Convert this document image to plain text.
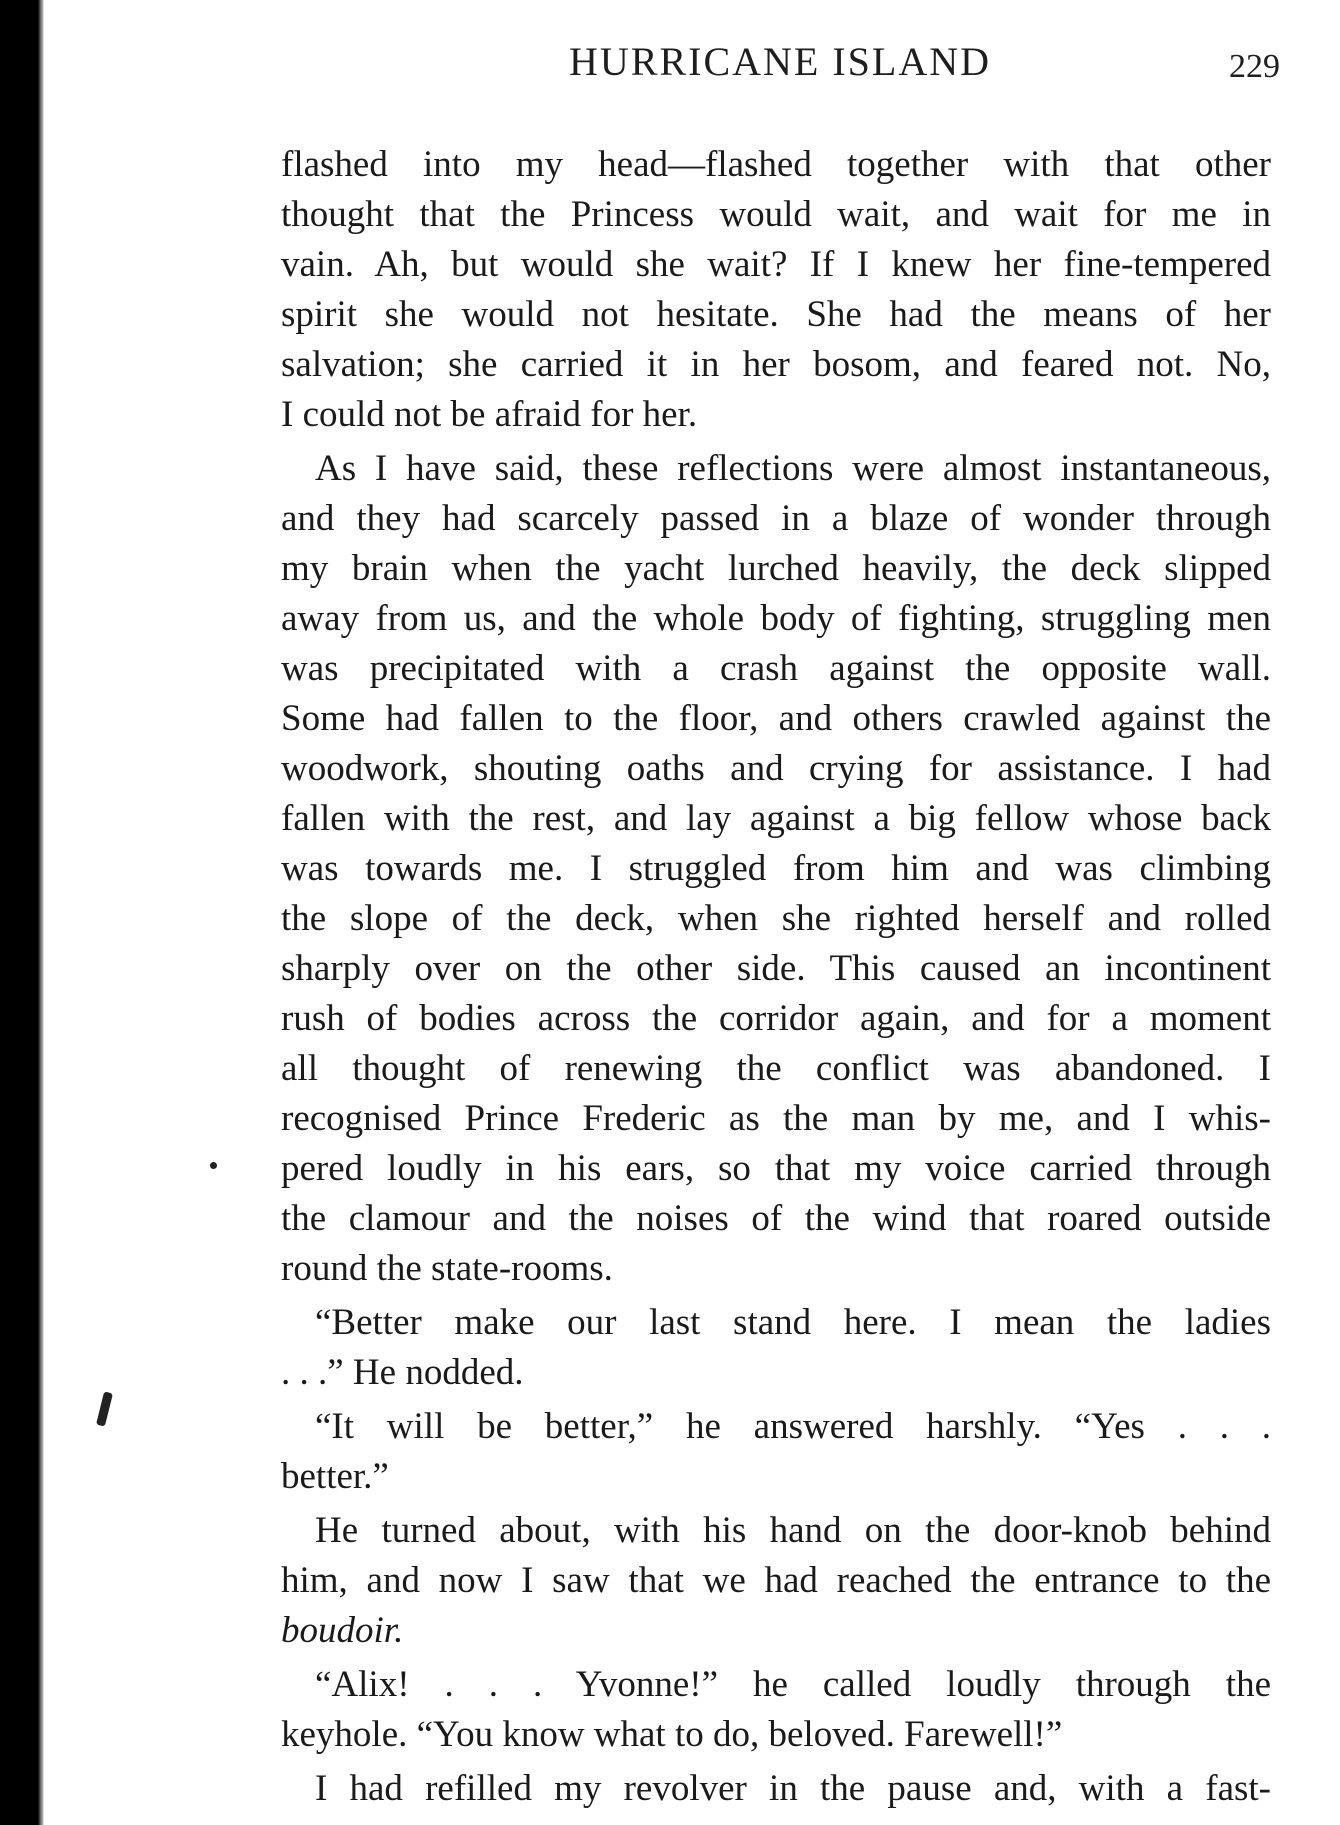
HURRICANE ISLAND	229
flashed into my head—flashed together with that other
thought that the Princess would wait, and wait for me in
vain. Ah, but would she wait? If I knew her fine-tempered
spirit she would not hesitate. She had the means of her
salvation; she carried it in her bosom, and feared not. No,
I could not be afraid for her.
As I have said, these reflections were almost instantaneous,
and they had scarcely passed in a blaze of wonder through
my brain when the yacht lurched heavily, the deck slipped
away from us, and the whole body of fighting, struggling men
was precipitated with a crash against the opposite wall.
Some had fallen to the floor, and others crawled against the
woodwork, shouting oaths and crying for assistance. I had
fallen with the rest, and lay against a big fellow whose back
was towards me. I struggled from him and was climbing
the slope of the deck, when she righted herself and rolled
sharply over on the other side. This caused an incontinent
rush of bodies across the corridor again, and for a moment
all thought of renewing the conflict was abandoned. I
recognised Prince Frederic as the man by me, and I whis-
pered loudly in his ears, so that my voice carried through
the clamour and the noises of the wind that roared outside
round the state-rooms.
“Better make our last stand here. I mean the ladies
. . .” He nodded.
“It will be better,” he answered harshly. “Yes . . .
better.”
He turned about, with his hand on the door-knob behind
him, and now I saw that we had reached the entrance to the
boudoir.
“Alix! . . . Yvonne!” he called loudly through the
keyhole. “You know what to do, beloved. Farewell!”
I had refilled my revolver in the pause and, with a fast-
